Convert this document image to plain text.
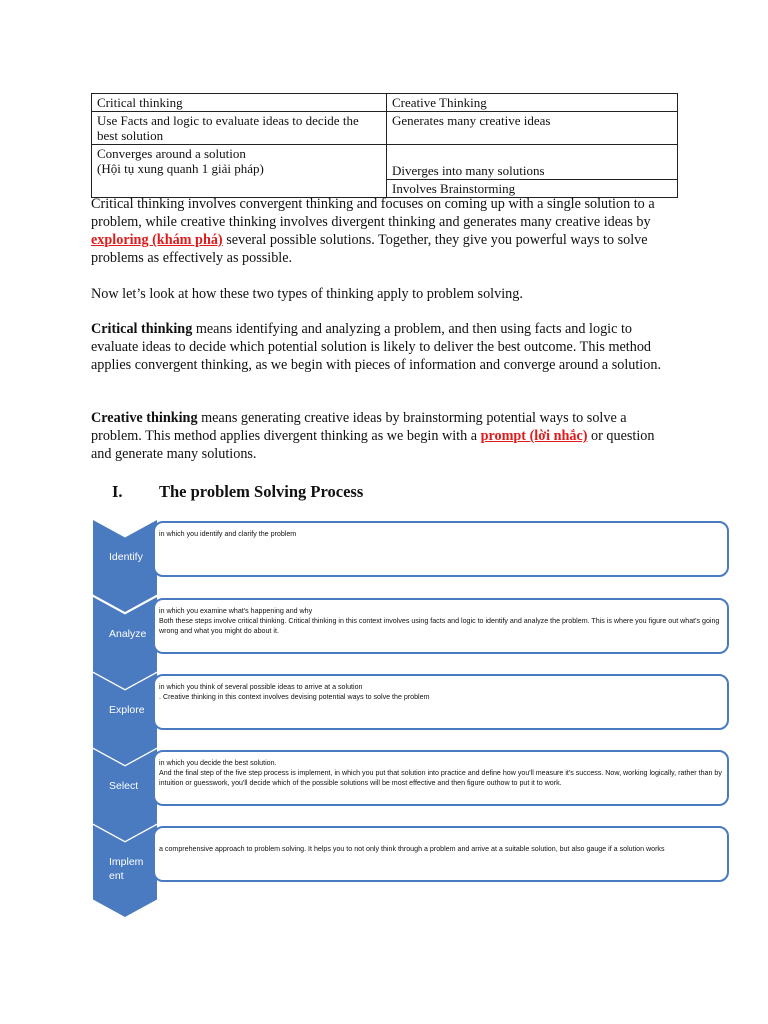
Critical thinking	Creative Thinking
Use Facts and logic to evaluate ideas to decide the best solution	Generates many creative ideas
Converges around a solution
(Hội tụ xung quanh 1 giải pháp)	Diverges into many solutions
	Involves Brainstorming

Critical thinking involves convergent thinking and focuses on coming up with a single solution to a problem, while creative thinking involves divergent thinking and generates many creative ideas by exploring (khám phá) several possible solutions. Together, they give you powerful ways to solve problems as effectively as possible.

Now let’s look at how these two types of thinking apply to problem solving.

Critical thinking means identifying and analyzing a problem, and then using facts and logic to evaluate ideas to decide which potential solution is likely to deliver the best outcome. This method applies convergent thinking, as we begin with pieces of information and converge around a solution.

Creative thinking means generating creative ideas by brainstorming potential ways to solve a problem. This method applies divergent thinking as we begin with a prompt (lời nhắc) or question and generate many solutions.

I. The problem Solving Process
Identify
in which you identify and clarify the problem
Analyze
in which you examine what's happening and why
Both these steps involve critical thinking. Critical thinking in this context involves using facts and logic to identify and analyze the problem. This is where you figure out what's going wrong and what you might do about it.
Explore
in which you think of several possible ideas to arrive at a solution
. Creative thinking in this context involves devising potential ways to solve the problem
Select
in which you decide the best solution.
And the final step of the five step process is implement, in which you put that solution into practice and define how you'll measure it's success. Now, working logically, rather than by intuition or guesswork, you'll decide which of the possible solutions will be most effective and then figure outhow to put it to work.
Implement
a comprehensive approach to problem solving. It helps you to not only think through a problem and arrive at a suitable solution, but also gauge if a solution works
